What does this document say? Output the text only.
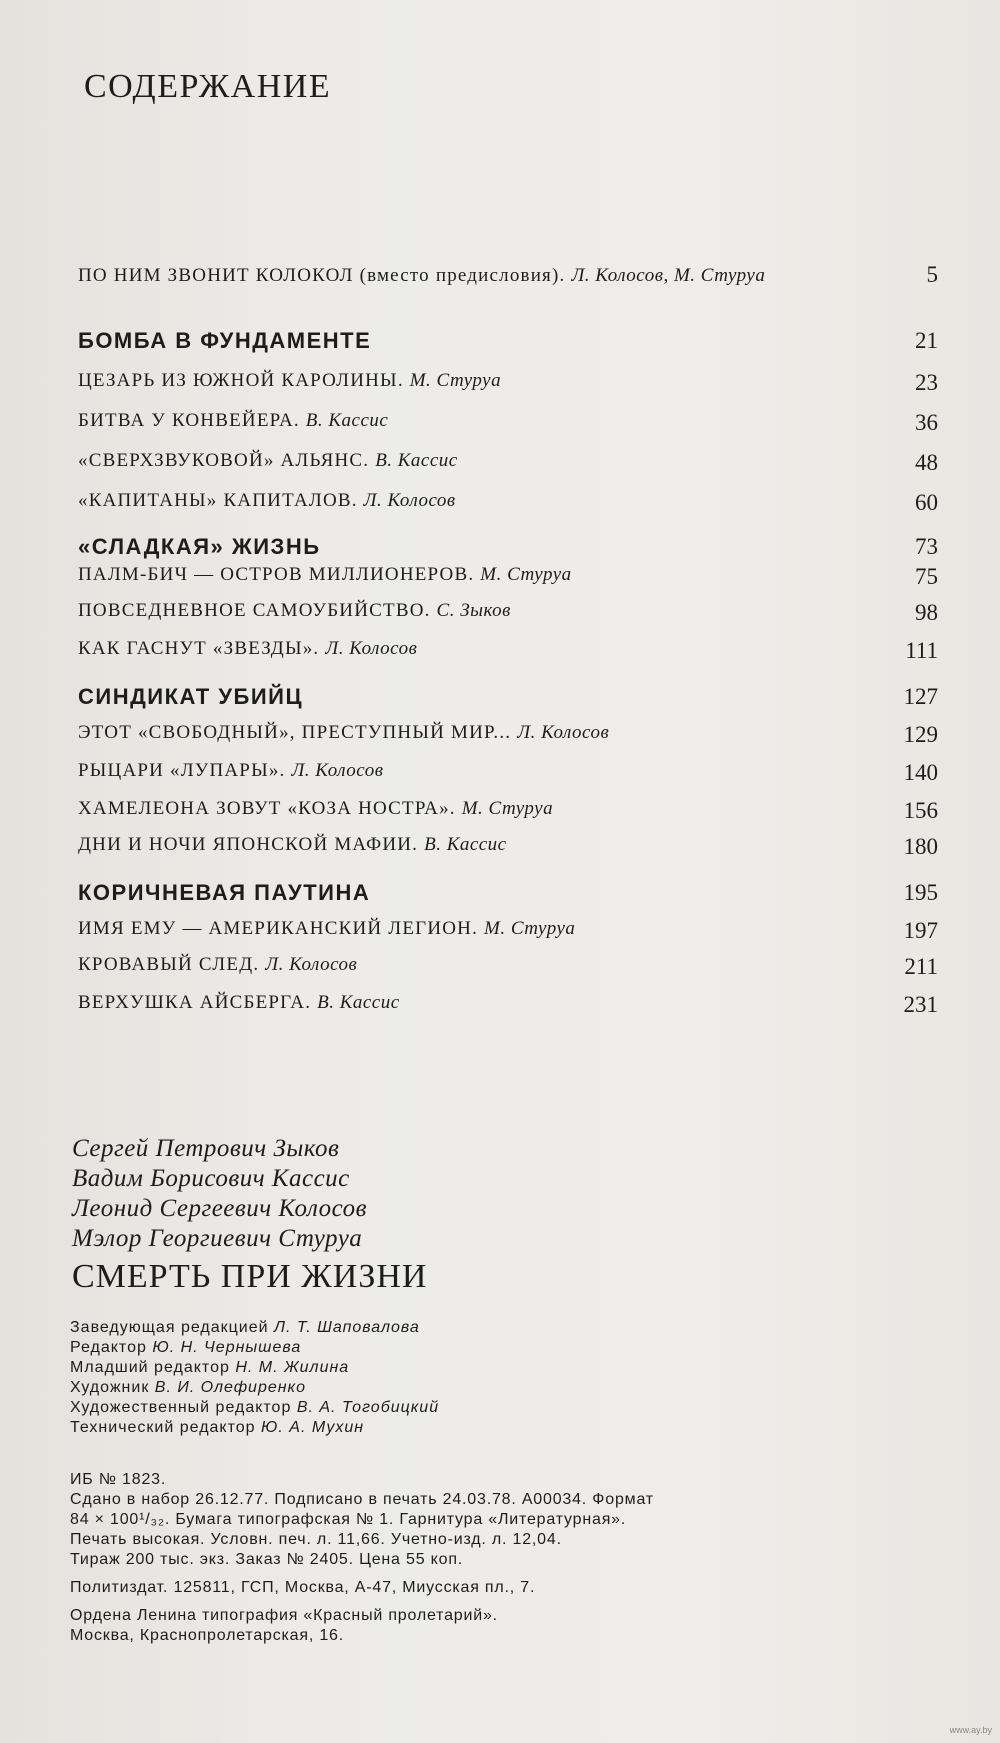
СОДЕРЖАНИЕ
ПО НИМ ЗВОНИТ КОЛОКОЛ (вместо предисловия). Л. Колосов, М. Стуруа	5
БОМБА В ФУНДАМЕНТЕ	21
ЦЕЗАРЬ ИЗ ЮЖНОЙ КАРОЛИНЫ. М. Стуруа	23
БИТВА У КОНВЕЙЕРА. В. Кассис	36
«СВЕРХЗВУКОВОЙ» АЛЬЯНС. В. Кассис	48
«КАПИТАНЫ» КАПИТАЛОВ. Л. Колосов	60
«СЛАДКАЯ» ЖИЗНЬ	73
ПАЛМ-БИЧ — ОСТРОВ МИЛЛИОНЕРОВ. М. Стуруа	75
ПОВСЕДНЕВНОЕ САМОУБИЙСТВО. С. Зыков	98
КАК ГАСНУТ «ЗВЕЗДЫ». Л. Колосов	111
СИНДИКАТ УБИЙЦ	127
ЭТОТ «СВОБОДНЫЙ», ПРЕСТУПНЫЙ МИР... Л. Колосов	129
РЫЦАРИ «ЛУПАРЫ». Л. Колосов	140
ХАМЕЛЕОНА ЗОВУТ «КОЗА НОСТРА». М. Стуруа	156
ДНИ И НОЧИ ЯПОНСКОЙ МАФИИ. В. Кассис	180
КОРИЧНЕВАЯ ПАУТИНА	195
ИМЯ ЕМУ — АМЕРИКАНСКИЙ ЛЕГИОН. М. Стуруа	197
КРОВАВЫЙ СЛЕД. Л. Колосов	211
ВЕРХУШКА АЙСБЕРГА. В. Кассис	231
Сергей Петрович Зыков
Вадим Борисович Кассис
Леонид Сергеевич Колосов
Мэлор Георгиевич Стуруа
СМЕРТЬ ПРИ ЖИЗНИ
Заведующая редакцией Л. Т. Шаповалова
Редактор Ю. Н. Чернышева
Младший редактор Н. М. Жилина
Художник В. И. Олефиренко
Художественный редактор В. А. Тогобицкий
Технический редактор Ю. А. Мухин
ИБ № 1823.
Сдано в набор 26.12.77. Подписано в печать 24.03.78. А00034. Формат
84 × 100¹/₃₂. Бумага типографская № 1. Гарнитура «Литературная».
Печать высокая. Условн. печ. л. 11,66. Учетно-изд. л. 12,04.
Тираж 200 тыс. экз. Заказ № 2405. Цена 55 коп.
Политиздат. 125811, ГСП, Москва, А-47, Миусская пл., 7.
Ордена Ленина типография «Красный пролетарий».
Москва, Краснопролетарская, 16.
www.ay.by
